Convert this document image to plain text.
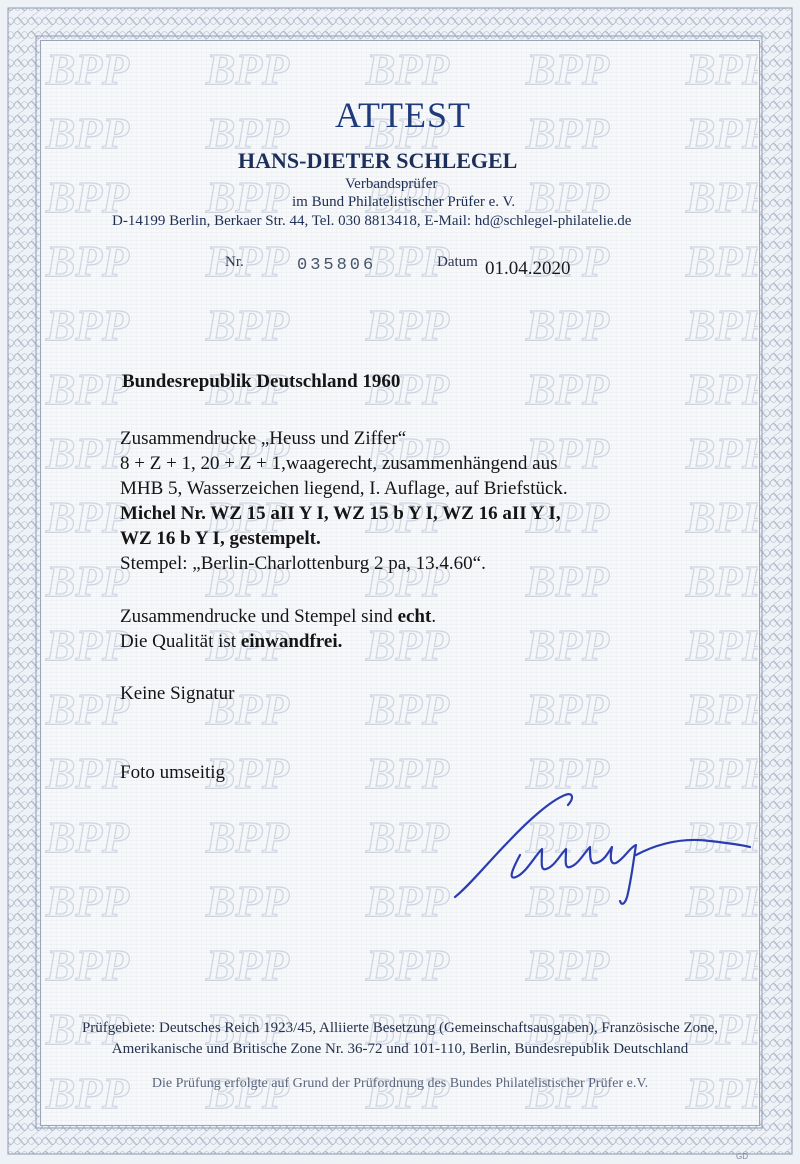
ATTEST
HANS-DIETER SCHLEGEL
Verbandsprüfer
im Bund Philatelistischer Prüfer e. V.
D-14199 Berlin, Berkaer Str. 44, Tel. 030 8813418, E-Mail: hd@schlegel-philatelie.de
Nr.	035806	Datum 01.04.2020
Bundesrepublik Deutschland 1960
Zusammendrucke „Heuss und Ziffer“
8 + Z + 1, 20 + Z + 1,waagerecht, zusammenhängend aus
MHB 5, Wasserzeichen liegend, I. Auflage, auf Briefstück.
Michel Nr. WZ 15 aII Y I, WZ 15 b Y I, WZ 16 aII Y I,
WZ 16 b Y I, gestempelt.
Stempel: „Berlin-Charlottenburg 2 pa, 13.4.60“.
Zusammendrucke und Stempel sind echt.
Die Qualität ist einwandfrei.
Keine Signatur
Foto umseitig
Prüfgebiete: Deutsches Reich 1923/45, Alliierte Besetzung (Gemeinschaftsausgaben), Französische Zone,
Amerikanische und Britische Zone Nr. 36-72 und 101-110, Berlin, Bundesrepublik Deutschland
Die Prüfung erfolgte auf Grund der Prüfordnung des Bundes Philatelistischer Prüfer e.V.
GD
